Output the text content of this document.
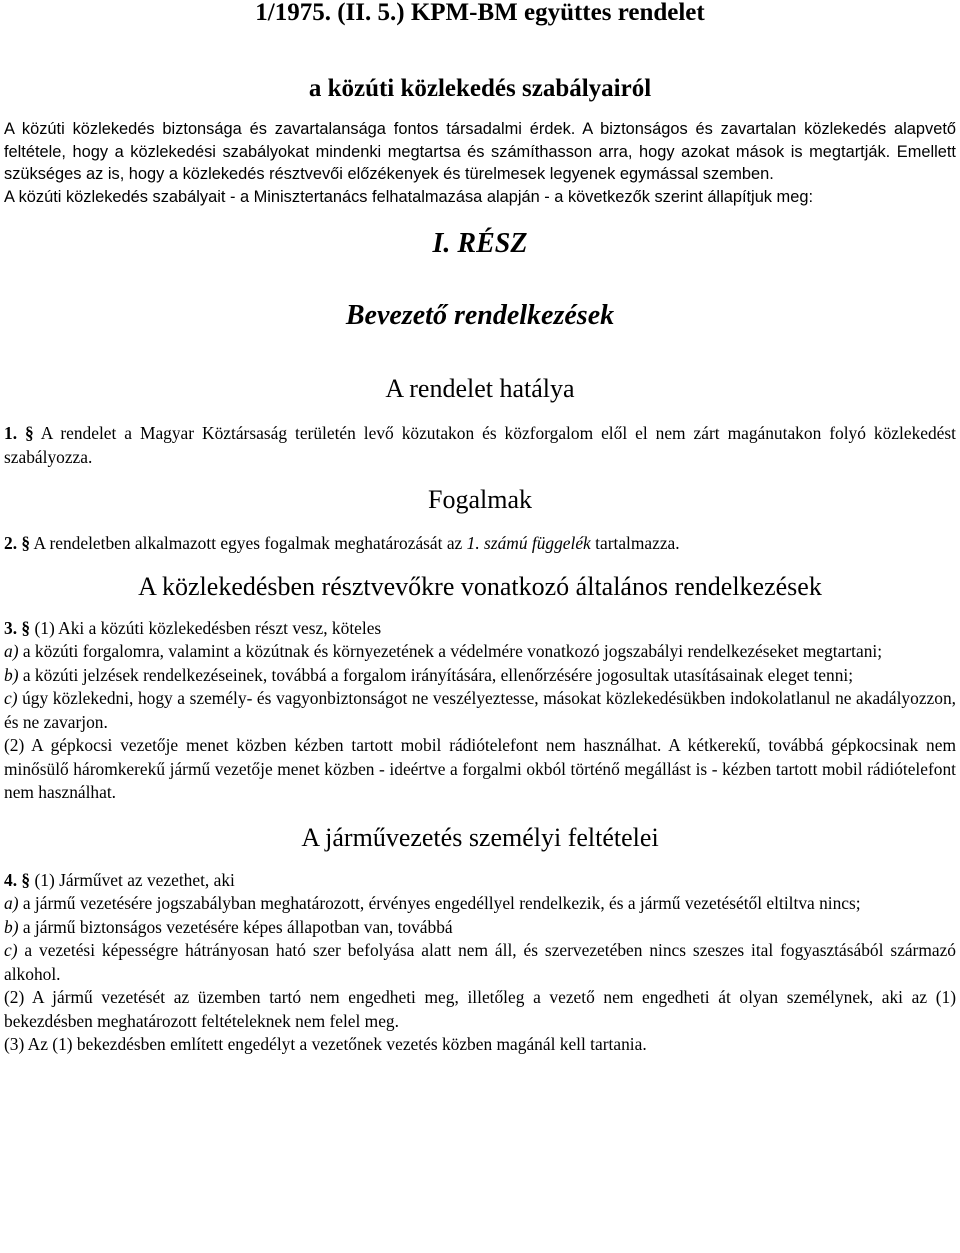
1/1975. (II. 5.) KPM-BM együttes rendelet
a közúti közlekedés szabályairól

A közúti közlekedés biztonsága és zavartalansága fontos társadalmi érdek. A biztonságos és zavartalan közlekedés alapvető feltétele, hogy a közlekedési szabályokat mindenki megtartsa és számíthasson arra, hogy azokat mások is megtartják. Emellett szükséges az is, hogy a közlekedés résztvevői előzékenyek és türelmesek legyenek egymással szemben.

A közúti közlekedés szabályait - a Minisztertanács felhatalmazása alapján - a következők szerint állapítjuk meg:

I. RÉSZ
Bevezető rendelkezések
A rendelet hatálya

1. § A rendelet a Magyar Köztársaság területén levő közutakon és közforgalom elől el nem zárt magánutakon folyó közlekedést szabályozza.

Fogalmak

2. § A rendeletben alkalmazott egyes fogalmak meghatározását az 1. számú függelék tartalmazza.

A közlekedésben résztvevőkre vonatkozó általános rendelkezések

3. § (1) Aki a közúti közlekedésben részt vesz, köteles

a) a közúti forgalomra, valamint a közútnak és környezetének a védelmére vonatkozó jogszabályi rendelkezéseket megtartani;

b) a közúti jelzések rendelkezéseinek, továbbá a forgalom irányítására, ellenőrzésére jogosultak utasításainak eleget tenni;

c) úgy közlekedni, hogy a személy- és vagyonbiztonságot ne veszélyeztesse, másokat közlekedésükben indokolatlanul ne akadályozzon, és ne zavarjon.

(2) A gépkocsi vezetője menet közben kézben tartott mobil rádiótelefont nem használhat. A kétkerekű, továbbá gépkocsinak nem minősülő háromkerekű jármű vezetője menet közben - ideértve a forgalmi okból történő megállást is - kézben tartott mobil rádiótelefont nem használhat.

A járművezetés személyi feltételei

4. § (1) Járművet az vezethet, aki

a) a jármű vezetésére jogszabályban meghatározott, érvényes engedéllyel rendelkezik, és a jármű vezetésétől eltiltva nincs;

b) a jármű biztonságos vezetésére képes állapotban van, továbbá

c) a vezetési képességre hátrányosan ható szer befolyása alatt nem áll, és szervezetében nincs szeszes ital fogyasztásából származó alkohol.

(2) A jármű vezetését az üzemben tartó nem engedheti meg, illetőleg a vezető nem engedheti át olyan személynek, aki az (1) bekezdésben meghatározott feltételeknek nem felel meg.

(3) Az (1) bekezdésben említett engedélyt a vezetőnek vezetés közben magánál kell tartania.
